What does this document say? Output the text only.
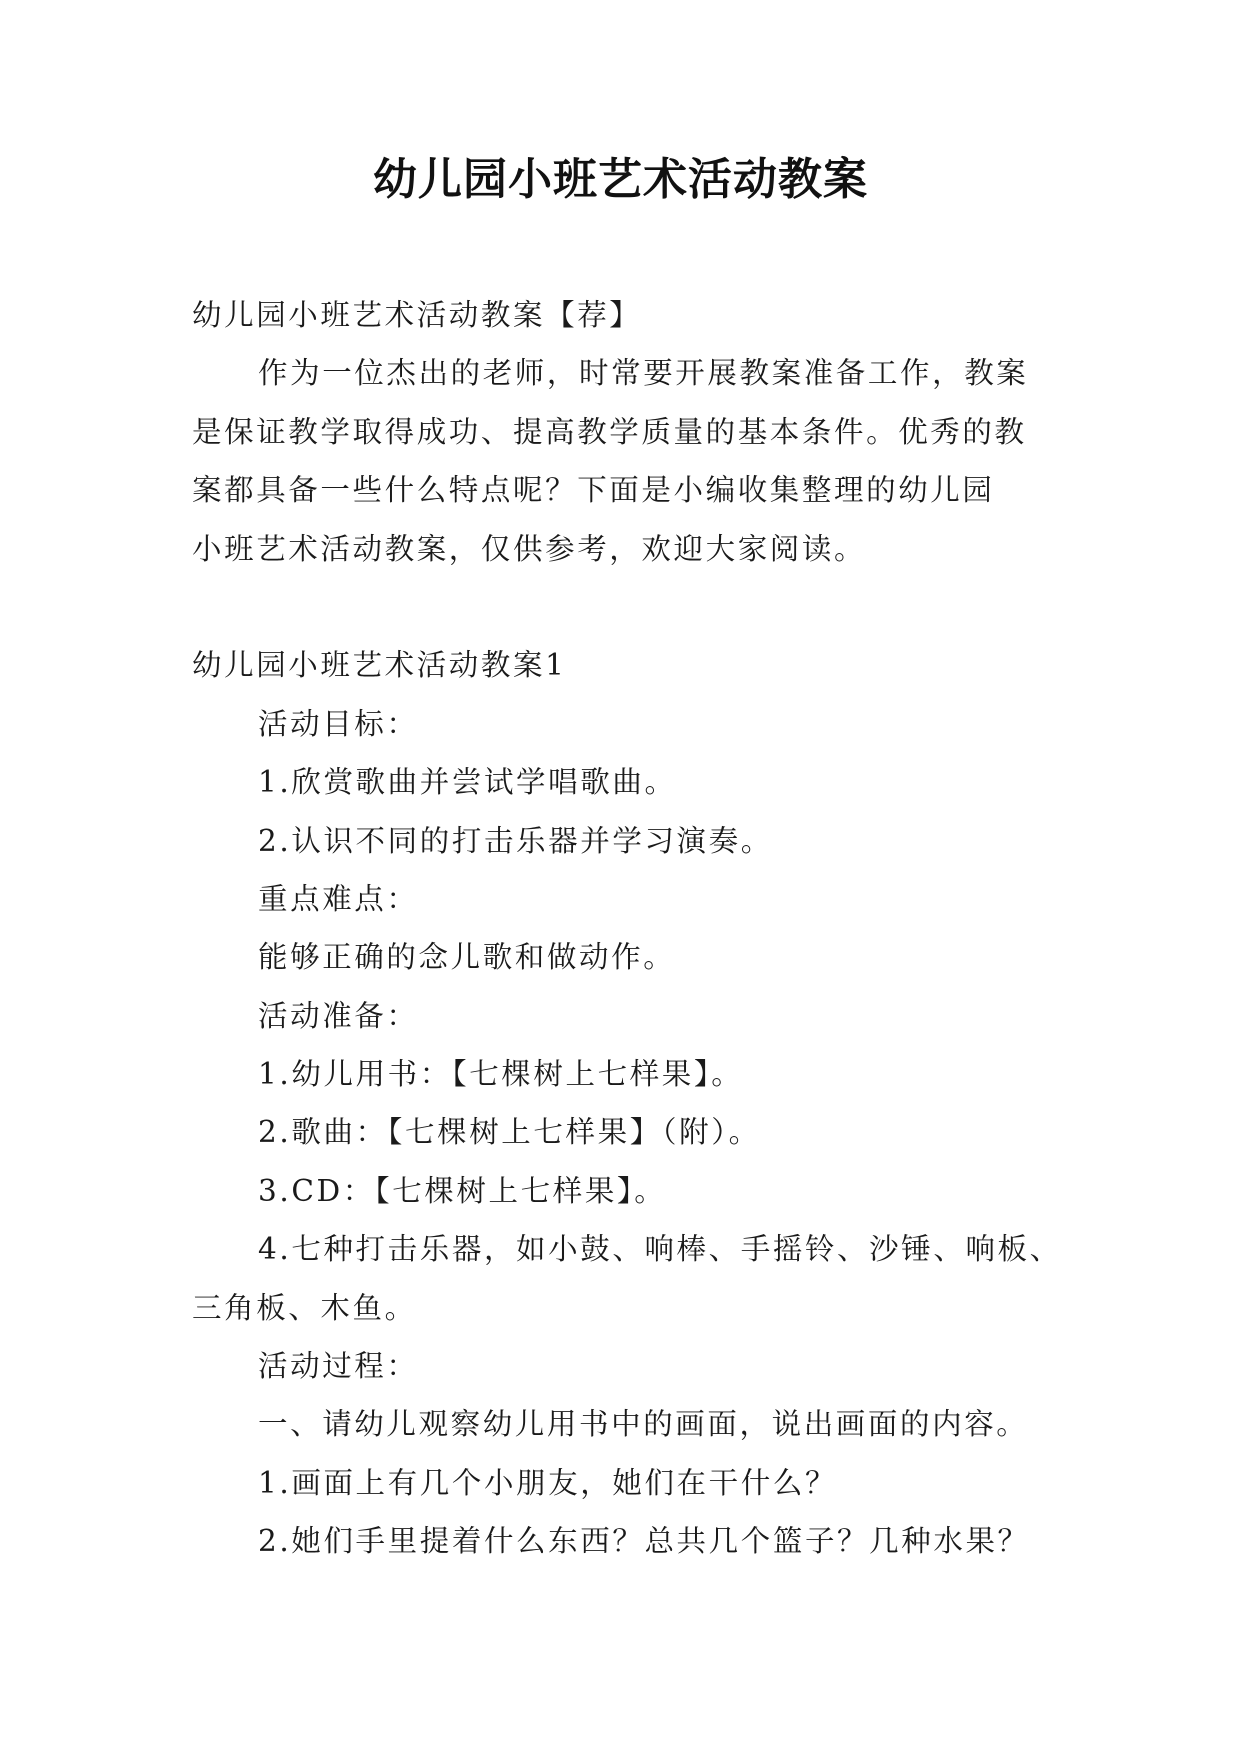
幼儿园小班艺术活动教案
幼儿园小班艺术活动教案【荐】
作为一位杰出的老师，时常要开展教案准备工作，教案
是保证教学取得成功、提高教学质量的基本条件。优秀的教
案都具备一些什么特点呢？下面是小编收集整理的幼儿园
小班艺术活动教案，仅供参考，欢迎大家阅读。
幼儿园小班艺术活动教案1
活动目标：
1.欣赏歌曲并尝试学唱歌曲。
2.认识不同的打击乐器并学习演奏。
重点难点：
能够正确的念儿歌和做动作。
活动准备：
1.幼儿用书：【七棵树上七样果】。
2.歌曲：【七棵树上七样果】（附）。
3.CD：【七棵树上七样果】。
4.七种打击乐器，如小鼓、响棒、手摇铃、沙锤、响板、
三角板、木鱼。
活动过程：
一、请幼儿观察幼儿用书中的画面，说出画面的内容。
1.画面上有几个小朋友，她们在干什么？
2.她们手里提着什么东西？总共几个篮子？几种水果？
